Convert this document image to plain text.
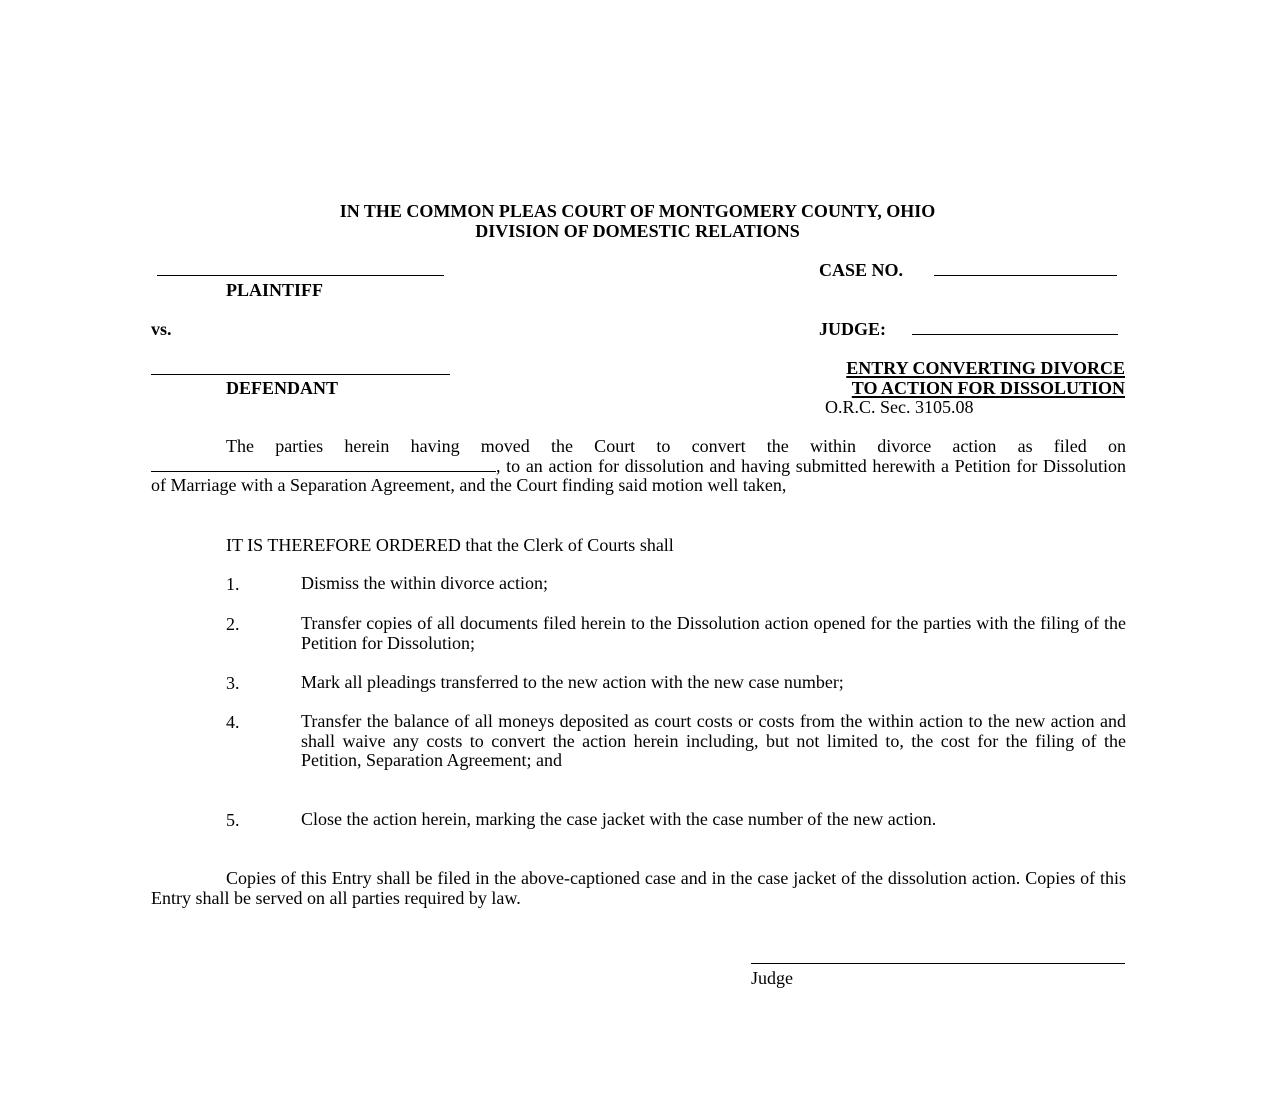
IN THE COMMON PLEAS COURT OF MONTGOMERY COUNTY, OHIO
DIVISION OF DOMESTIC RELATIONS
PLAINTIFF
CASE NO.
vs.	JUDGE:
DEFENDANT
ENTRY CONVERTING DIVORCE
TO ACTION FOR DISSOLUTION
O.R.C. Sec. 3105.08
The parties herein having moved the Court to convert the within divorce action as filed on , to an action for dissolution and having submitted herewith a Petition for Dissolution of Marriage with a Separation Agreement, and the Court finding said motion well taken,
IT IS THEREFORE ORDERED that the Clerk of Courts shall
1.	Dismiss the within divorce action;
2.	Transfer copies of all documents filed herein to the Dissolution action opened for the parties with the filing of the Petition for Dissolution;
3.	Mark all pleadings transferred to the new action with the new case number;
4.	Transfer the balance of all moneys deposited as court costs or costs from the within action to the new action and shall waive any costs to convert the action herein including, but not limited to, the cost for the filing of the Petition, Separation Agreement; and
5.	Close the action herein, marking the case jacket with the case number of the new action.
Copies of this Entry shall be filed in the above-captioned case and in the case jacket of the dissolution action. Copies of this Entry shall be served on all parties required by law.
Judge
